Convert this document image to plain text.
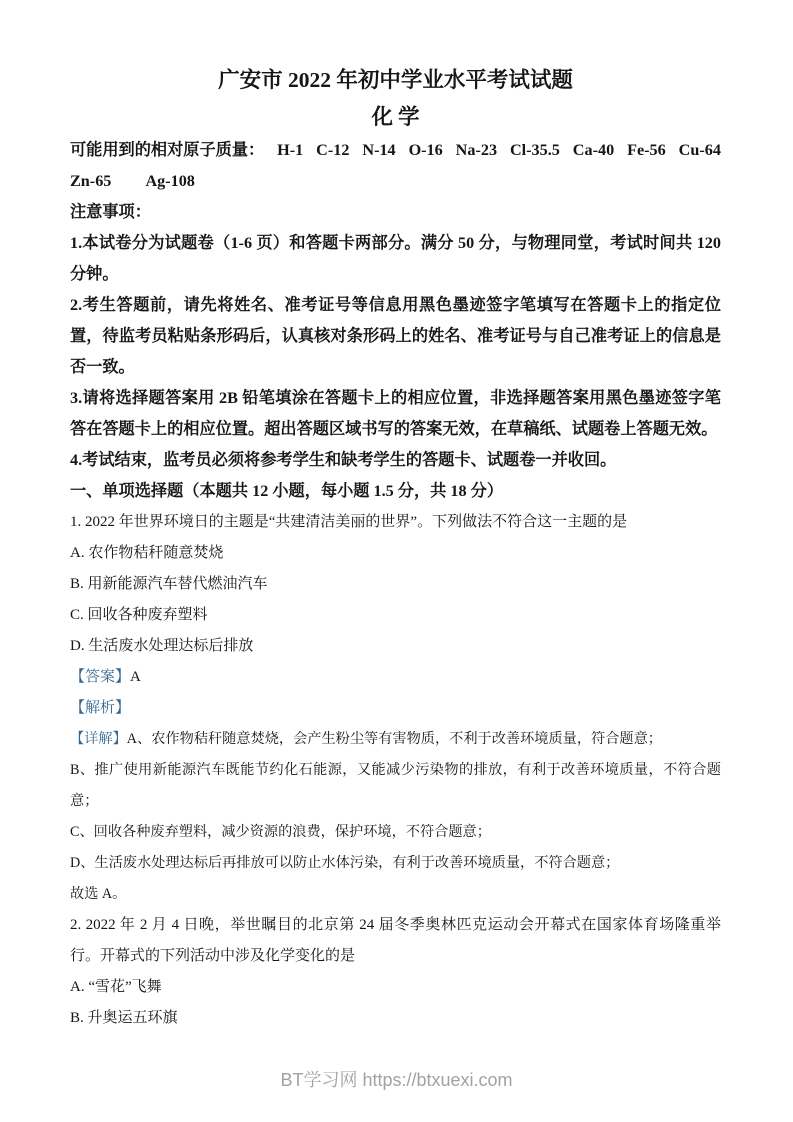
广安市 2022 年初中学业水平考试试题
化学
可能用到的相对原子质量： H-1 C-12 N-14 O-16 Na-23 Cl-35.5 Ca-40 Fe-56 Cu-64
Zn-65 Ag-108
注意事项：
1.本试卷分为试题卷（1-6 页）和答题卡两部分。满分 50 分，与物理同堂，考试时间共 120 分钟。
2.考生答题前，请先将姓名、准考证号等信息用黑色墨迹签字笔填写在答题卡上的指定位置，待监考员粘贴条形码后，认真核对条形码上的姓名、准考证号与自己准考证上的信息是否一致。
3.请将选择题答案用 2B 铅笔填涂在答题卡上的相应位置，非选择题答案用黑色墨迹签字笔答在答题卡上的相应位置。超出答题区域书写的答案无效，在草稿纸、试题卷上答题无效。
4.考试结束，监考员必须将参考学生和缺考学生的答题卡、试题卷一并收回。
一、单项选择题（本题共 12 小题，每小题 1.5 分，共 18 分）
1. 2022 年世界环境日的主题是“共建清洁美丽的世界”。下列做法不符合这一主题的是
A. 农作物秸秆随意焚烧
B. 用新能源汽车替代燃油汽车
C. 回收各种废弃塑料
D. 生活废水处理达标后排放
【答案】A
【解析】
【详解】A、农作物秸秆随意焚烧，会产生粉尘等有害物质，不利于改善环境质量，符合题意；
B、推广使用新能源汽车既能节约化石能源，又能减少污染物的排放，有利于改善环境质量，不符合题意；
C、回收各种废弃塑料，减少资源的浪费，保护环境，不符合题意；
D、生活废水处理达标后再排放可以防止水体污染，有利于改善环境质量，不符合题意；
故选 A。
2. 2022 年 2 月 4 日晚，举世瞩目的北京第 24 届冬季奥林匹克运动会开幕式在国家体育场隆重举行。开幕式的下列活动中涉及化学变化的是
A. “雪花”飞舞
B. 升奥运五环旗
BT学习网 https://btxuexi.com
